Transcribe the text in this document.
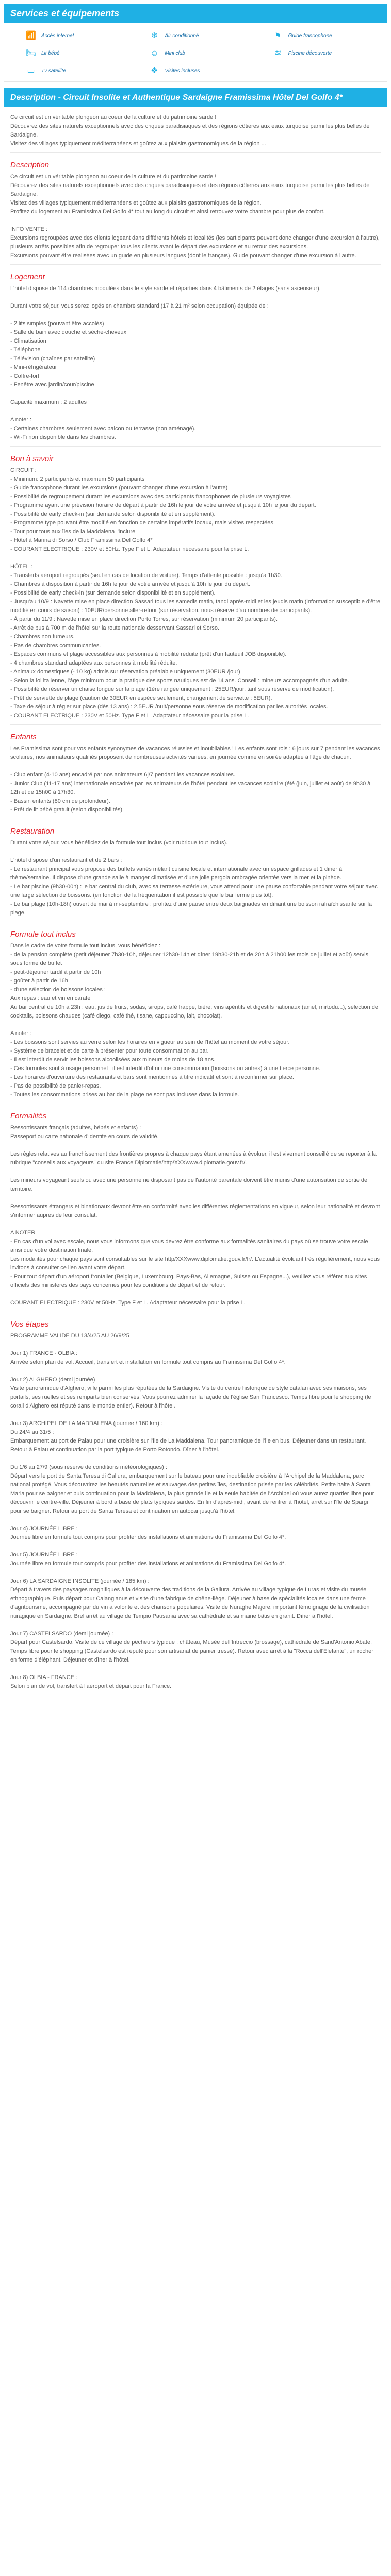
Services et équipements
📶 Accès internet	❄	Air conditionné	⚑	Guide francophone
🛏 Lit bébé	☺	Mini club	≋	Piscine découverte
▭	Tv satellite	❖	Visites incluses
Description - Circuit Insolite et Authentique Sardaigne Framissima Hôtel Del Golfo 4*

Ce circuit est un véritable plongeon au coeur de la culture et du patrimoine sarde !

Découvrez des sites naturels exceptionnels avec des criques paradisiaques et des régions côtières aux eaux turquoise parmi les plus belles de Sardaigne.

Visitez des villages typiquement méditerranéens et goûtez aux plaisirs gastronomiques de la région ...

Description

Ce circuit est un véritable plongeon au coeur de la culture et du patrimoine sarde !

Découvrez des sites naturels exceptionnels avec des criques paradisiaques et des régions côtières aux eaux turquoise parmi les plus belles de Sardaigne.

Visitez des villages typiquement méditerranéens et goûtez aux plaisirs gastronomiques de la région.

Profitez du logement au Framissima Del Golfo 4* tout au long du circuit et ainsi retrouvez votre chambre pour plus de confort.

INFO VENTE :

Excursions regroupées avec des clients logeant dans différents hôtels et localités (les participants peuvent donc changer d'une excursion à l'autre), plusieurs arrêts possibles afin de regrouper tous les clients avant le départ des excursions et au retour des excursions.

Excursions pouvant être réalisées avec un guide en plusieurs langues (dont le français). Guide pouvant changer d'une excursion à l'autre.

Logement

L'hôtel dispose de 114 chambres modulées dans le style sarde et réparties dans 4 bâtiments de 2 étages (sans ascenseur).

Durant votre séjour, vous serez logés en chambre standard (17 à 21 m² selon occupation) équipée de :

- 2 lits simples (pouvant être accolés)

- Salle de bain avec douche et sèche-cheveux

- Climatisation

- Téléphone

- Télévision (chaînes par satellite)

- Mini-réfrigérateur

- Coffre-fort

- Fenêtre avec jardin/cour/piscine

Capacité maximum : 2 adultes

A noter :

- Certaines chambres seulement avec balcon ou terrasse (non aménagé).

- Wi-Fi non disponible dans les chambres.

Bon à savoir

CIRCUIT :

- Minimum: 2 participants et maximum 50 participants

- Guide francophone durant les excursions (pouvant changer d'une excursion à l'autre)

- Possibilité de regroupement durant les excursions avec des participants francophones de plusieurs voyagistes

- Programme ayant une prévision horaire de départ à partir de 16h le jour de votre arrivée et jusqu'à 10h le jour du départ.

- Possibilité de early check-in (sur demande selon disponibilité et en supplément).

- Programme type pouvant être modifié en fonction de certains impératifs locaux, mais visites respectées

- Tour pour tous aux îles de la Maddalena l'inclure

- Hôtel à Marina di Sorso / Club Framissima Del Golfo 4*

- COURANT ELECTRIQUE : 230V et 50Hz. Type F et L. Adaptateur nécessaire pour la prise L.

HÔTEL :

- Transferts aéroport regroupés (seul en cas de location de voiture). Temps d'attente possible : jusqu'à 1h30.

- Chambres à disposition à partir de 16h le jour de votre arrivée et jusqu'à 10h le jour du départ.

- Possibilité de early check-in (sur demande selon disponibilité et en supplément).

- Jusqu'au 10/9 : Navette mise en place direction Sassari tous les samedis matin, tandi après-midi et les jeudis matin (information susceptible d'être modifié en cours de saison) : 10EUR/personne aller-retour (sur réservation, nous réserve d'au nombres de participants).

- À partir du 11/9 : Navette mise en place direction Porto Torres, sur réservation (minimum 20 participants).

- Arrêt de bus à 700 m de l'hôtel sur la route nationale desservant Sassari et Sorso.

- Chambres non fumeurs.

- Pas de chambres communicantes.

- Espaces communs et plage accessibles aux personnes à mobilité réduite (prêt d'un fauteuil JOB disponible).

- 4 chambres standard adaptées aux personnes à mobilité réduite.

- Animaux domestiques (- 10 kg) admis sur réservation préalable uniquement (30EUR /jour)

- Selon la loi italienne, l'âge minimum pour la pratique des sports nautiques est de 14 ans. Conseil : mineurs accompagnés d'un adulte.

- Possibilité de réserver un chaise longue sur la plage (1ère rangée uniquement : 25EUR/jour, tarif sous réserve de modification).

- Prêt de serviette de plage (caution de 30EUR en espèce seulement, changement de serviette : 5EUR).

- Taxe de séjour à régler sur place (dès 13 ans) : 2,5EUR /nuit/personne sous réserve de modification par les autorités locales.

- COURANT ELECTRIQUE : 230V et 50Hz. Type F et L. Adaptateur nécessaire pour la prise L.

Enfants

Les Framissima sont pour vos enfants synonymes de vacances réussies et inoubliables ! Les enfants sont rois : 6 jours sur 7 pendant les vacances scolaires, nos animateurs qualifiés proposent de nombreuses activités variées, en journée comme en soirée adaptée à l'âge de chacun.

- Club enfant (4-10 ans) encadré par nos animateurs 6j/7 pendant les vacances scolaires.

- Junior Club (11-17 ans) internationale encadrés par les animateurs de l'hôtel pendant les vacances scolaire (été (juin, juillet et août) de 9h30 à 12h et de 15h00 à 17h30.

- Bassin enfants (80 cm de profondeur).

- Prêt de lit bébé gratuit (selon disponibilités).

Restauration

Durant votre séjour, vous bénéficiez de la formule tout inclus (voir rubrique tout inclus).

L'hôtel dispose d'un restaurant et de 2 bars :

- Le restaurant principal vous propose des buffets variés mêlant cuisine locale et internationale avec un espace grillades et 1 dîner à thème/semaine. Il dispose d'une grande salle à manger climatisée et d'une jolie pergola ombragée orientée vers la mer et la pinède.

- Le bar piscine (9h30-00h) : le bar central du club, avec sa terrasse extérieure, vous attend pour une pause confortable pendant votre séjour avec une large sélection de boissons. (en fonction de la fréquentation il est possible que le bar ferme plus tôt).

- Le bar plage (10h-18h) ouvert de mai à mi-septembre : profitez d'une pause entre deux baignades en dînant une boisson rafraîchissante sur la plage.

Formule tout inclus

Dans le cadre de votre formule tout inclus, vous bénéficiez :

- de la pension complète (petit déjeuner 7h30-10h, déjeuner 12h30-14h et dîner 19h30-21h et de 20h à 21h00 les mois de juillet et août) servis sous forme de buffet

- petit-déjeuner tardif à partir de 10h

- goûter à partir de 16h

- d'une sélection de boissons locales :

Aux repas : eau et vin en carafe

Au bar central de 10h à 23h : eau, jus de fruits, sodas, sirops, café frappé, bière, vins apéritifs et digestifs nationaux (amel, mirtodu...), sélection de cocktails, boissons chaudes (café diego, café thé, tisane, cappuccino, lait, chocolat).

A noter :

- Les boissons sont servies au verre selon les horaires en vigueur au sein de l'hôtel au moment de votre séjour.

- Système de bracelet et de carte à présenter pour toute consommation au bar.

- Il est interdit de servir les boissons alcoolisées aux mineurs de moins de 18 ans.

- Ces formules sont à usage personnel : il est interdit d'offrir une consommation (boissons ou autres) à une tierce personne.

- Les horaires d'ouverture des restaurants et bars sont mentionnés à titre indicatif et sont à reconfirmer sur place.

- Pas de possibilité de panier-repas.

- Toutes les consommations prises au bar de la plage ne sont pas incluses dans la formule.

Formalités

Ressortissants français (adultes, bébés et enfants) :

Passeport ou carte nationale d'identité en cours de validité.

Les règles relatives au franchissement des frontières propres à chaque pays étant amenées à évoluer, il est vivement conseillé de se reporter à la rubrique "conseils aux voyageurs" du site France Diplomatie/http/XXXwww.diplomatie.gouv.fr/.

Les mineurs voyageant seuls ou avec une personne ne disposant pas de l'autorité parentale doivent être munis d'une autorisation de sortie de territoire.

Ressortissants étrangers et binationaux devront être en conformité avec les différentes réglementations en vigueur, selon leur nationalité et devront s'informer auprès de leur consulat.

A NOTER

- En cas d'un vol avec escale, nous vous informons que vous devrez être conforme aux formalités sanitaires du pays où se trouve votre escale ainsi que votre destination finale.

Les modalités pour chaque pays sont consultables sur le site http/XXXwww.diplomatie.gouv.fr/fr/. L'actualité évoluant très régulièrement, nous vous invitons à consulter ce lien avant votre départ.

- Pour tout départ d'un aéroport frontalier (Belgique, Luxembourg, Pays-Bas, Allemagne, Suisse ou Espagne...), veuillez vous référer aux sites officiels des ministères des pays concernés pour les conditions de départ et de retour.

COURANT ELECTRIQUE : 230V et 50Hz. Type F et L. Adaptateur nécessaire pour la prise L.

Vos étapes

PROGRAMME VALIDE DU 13/4/25 AU 26/9/25

Jour 1) FRANCE - OLBIA :

Arrivée selon plan de vol. Accueil, transfert et installation en formule tout compris au Framissima Del Golfo 4*.

Jour 2) ALGHERO (demi journée)

Visite panoramique d'Alghero, ville parmi les plus réputées de la Sardaigne. Visite du centre historique de style catalan avec ses maisons, ses portails, ses ruelles et ses remparts bien conservés. Vous pourrez admirer la façade de l'église San Francesco. Temps libre pour le shopping (le corail d'Alghero est réputé dans le monde entier). Retour à l'hôtel.

Jour 3) ARCHIPEL DE LA MADDALENA (journée / 160 km) :

Du 24/4 au 31/5 :

Embarquement au port de Palau pour une croisière sur l'île de La Maddalena. Tour panoramique de l'île en bus. Déjeuner dans un restaurant. Retour à Palau et continuation par la port typique de Porto Rotondo. Dîner à l'hôtel.

Du 1/6 au 27/9 (sous réserve de conditions météorologiques) :

Départ vers le port de Santa Teresa di Gallura, embarquement sur le bateau pour une inoubliable croisière à l'Archipel de la Maddalena, parc national protégé. Vous découvrirez les beautés naturelles et sauvages des petites îles, destination prisée par les célébrités. Petite halte à Santa Maria pour se baigner et puis continuation pour la Maddalena, la plus grande île et la seule habitée de l'Archipel où vous aurez quartier libre pour découvrir le centre-ville. Déjeuner à bord à base de plats typiques sardes. En fin d'après-midi, avant de rentrer à l'hôtel, arrêt sur l'île de Spargi pour se baigner. Retour au port de Santa Teresa et continuation en autocar jusqu'à l'hôtel.

Jour 4) JOURNÉE LIBRE :

Journée libre en formule tout compris pour profiter des installations et animations du Framissima Del Golfo 4*.

Jour 5) JOURNÉE LIBRE :

Journée libre en formule tout compris pour profiter des installations et animations du Framissima Del Golfo 4*.

Jour 6) LA SARDAIGNE INSOLITE (journée / 185 km) :

Départ à travers des paysages magnifiques à la découverte des traditions de la Gallura. Arrivée au village typique de Luras et visite du musée ethnographique. Puis départ pour Calangianus et visite d'une fabrique de chêne-liège. Déjeuner à base de spécialités locales dans une ferme d'agritourisme, accompagné par du vin à volonté et des chansons populaires. Visite de Nuraghe Majore, important témoignage de la civilisation nuragique en Sardaigne. Bref arrêt au village de Tempio Pausania avec sa cathédrale et sa mairie bâtis en granit. Dîner à l'hôtel.

Jour 7) CASTELSARDO (demi journée) :

Départ pour Castelsardo. Visite de ce village de pêcheurs typique : château, Musée dell'Intreccio (brossage), cathédrale de Sand'Antonio Abate. Temps libre pour le shopping (Castelsardo est réputé pour son artisanat de panier tressé). Retour avec arrêt à la "Rocca dell'Elefante", un rocher en forme d'éléphant. Déjeuner et dîner à l'hôtel.

Jour 8) OLBIA - FRANCE :

Selon plan de vol, transfert à l'aéroport et départ pour la France.
